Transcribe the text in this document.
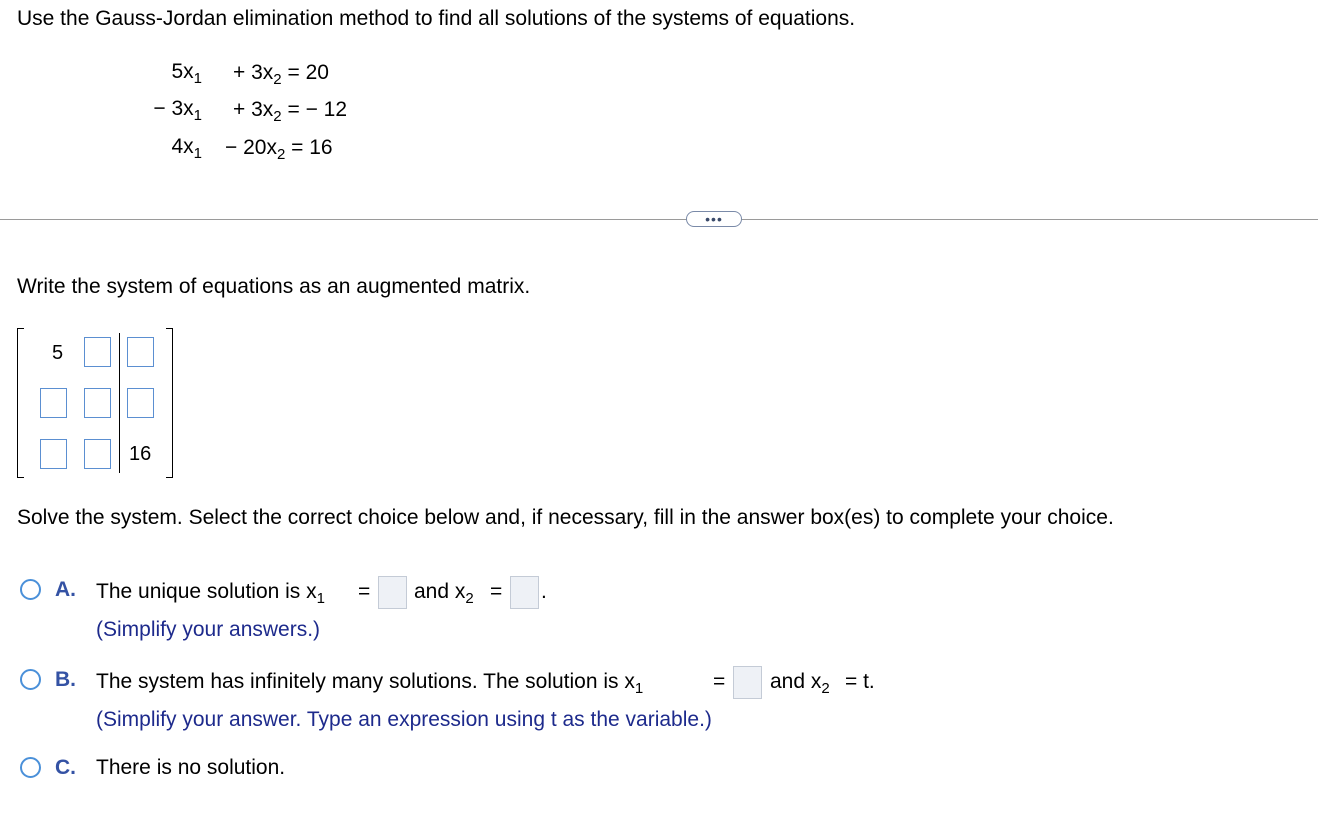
Use the Gauss-Jordan elimination method to find all solutions of the systems of equations.
$5x_1 + 3x_2 = 20$
− $3x_1 + 3x_2$ = − 12
$4x_1 - 20x_2 = 16$
•••
Write the system of equations as an augmented matrix.
5
16
Solve the system. Select the correct choice below and, if necessary, fill in the answer box(es) to complete your choice.
A. The unique solution is $x_1$ = and $x_2$ = .
(Simplify your answers.)
B. The system has infinitely many solutions. The solution is $x_1$	= and $x_2 = t$.
(Simplify your answer. Type an expression using t as the variable.)
C. There is no solution.
